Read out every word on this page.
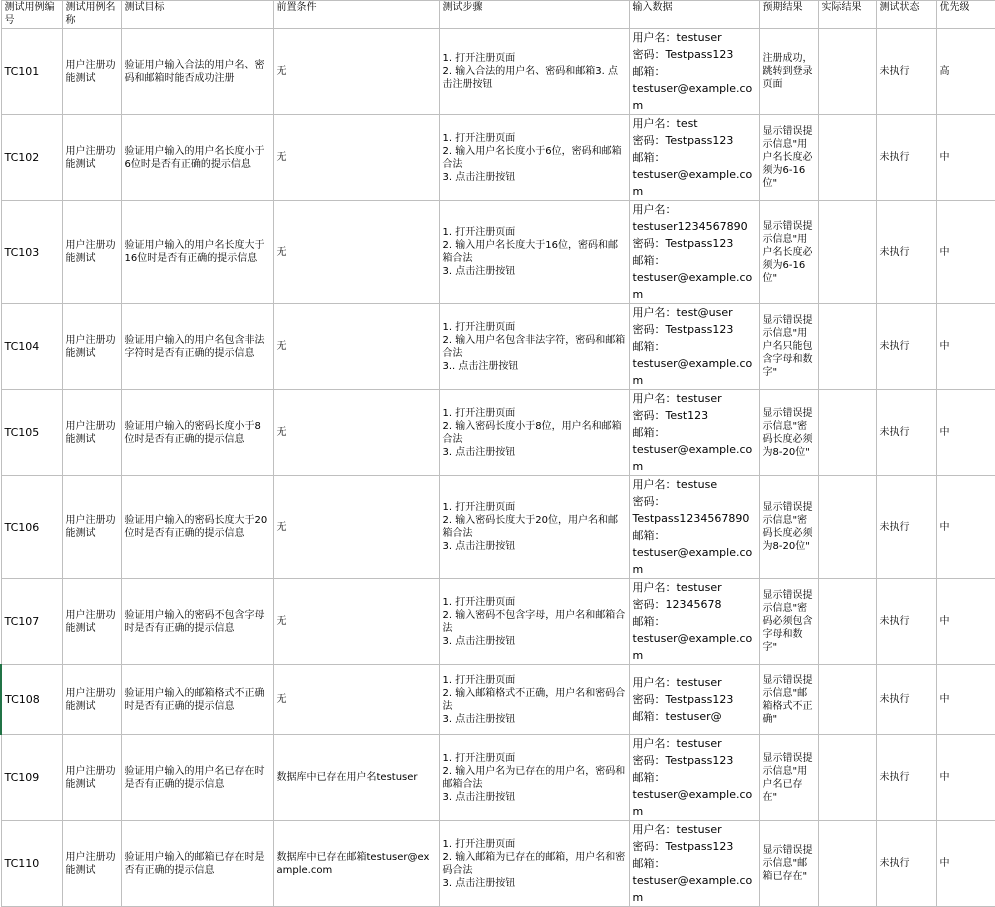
测试用例编号	测试用例名称	测试目标	前置条件	测试步骤	输入数据	预期结果	实际结果	测试状态	优先级
TC101	用户注册功能测试	验证用户输入合法的用户名、密码和邮箱时能否成功注册	无	1. 打开注册页面
2. 输入合法的用户名、密码和邮箱3. 点击注册按钮	用户名：testuser
密码：Testpass123
邮箱：
testuser@example.com	注册成功，跳转到登录页面		未执行	高
TC102	用户注册功能测试	验证用户输入的用户名长度小于6位时是否有正确的提示信息	无	1. 打开注册页面
2. 输入用户名长度小于6位，密码和邮箱合法
3. 点击注册按钮	用户名：test
密码：Testpass123
邮箱：
testuser@example.com	显示错误提示信息"用户名长度必须为6-16位"		未执行	中
TC103	用户注册功能测试	验证用户输入的用户名长度大于16位时是否有正确的提示信息	无	1. 打开注册页面
2. 输入用户名长度大于16位，密码和邮箱合法
3. 点击注册按钮	用户名：
testuser1234567890
密码：Testpass123
邮箱：
testuser@example.com	显示错误提示信息"用户名长度必须为6-16位"		未执行	中
TC104	用户注册功能测试	验证用户输入的用户名包含非法字符时是否有正确的提示信息	无	1. 打开注册页面
2. 输入用户名包含非法字符，密码和邮箱合法
3.. 点击注册按钮	用户名：test@user
密码：Testpass123
邮箱：
testuser@example.com	显示错误提示信息"用户名只能包含字母和数字"		未执行	中
TC105	用户注册功能测试	验证用户输入的密码长度小于8位时是否有正确的提示信息	无	1. 打开注册页面
2. 输入密码长度小于8位，用户名和邮箱合法
3. 点击注册按钮	用户名：testuser
密码：Test123
邮箱：
testuser@example.com	显示错误提示信息"密码长度必须为8-20位"		未执行	中
TC106	用户注册功能测试	验证用户输入的密码长度大于20位时是否有正确的提示信息	无	1. 打开注册页面
2. 输入密码长度大于20位，用户名和邮箱合法
3. 点击注册按钮	用户名：testuse
密码：
Testpass1234567890
邮箱：
testuser@example.com	显示错误提示信息"密码长度必须为8-20位"		未执行	中
TC107	用户注册功能测试	验证用户输入的密码不包含字母时是否有正确的提示信息	无	1. 打开注册页面
2. 输入密码不包含字母，用户名和邮箱合法
3. 点击注册按钮	用户名：testuser
密码：12345678
邮箱：
testuser@example.com	显示错误提示信息"密码必须包含字母和数字"		未执行	中
TC108	用户注册功能测试	验证用户输入的邮箱格式不正确时是否有正确的提示信息	无	1. 打开注册页面
2. 输入邮箱格式不正确，用户名和密码合法
3. 点击注册按钮	用户名：testuser
密码：Testpass123
邮箱：testuser@	显示错误提示信息"邮箱格式不正确"		未执行	中
TC109	用户注册功能测试	验证用户输入的用户名已存在时是否有正确的提示信息	数据库中已存在用户名testuser	1. 打开注册页面
2. 输入用户名为已存在的用户名，密码和邮箱合法
3. 点击注册按钮	用户名：testuser
密码：Testpass123
邮箱：
testuser@example.com	显示错误提示信息"用户名已存在"		未执行	中
TC110	用户注册功能测试	验证用户输入的邮箱已存在时是否有正确的提示信息	数据库中已存在邮箱testuser@example.com	1. 打开注册页面
2. 输入邮箱为已存在的邮箱，用户名和密码合法
3. 点击注册按钮	用户名：testuser
密码：Testpass123
邮箱：
testuser@example.com	显示错误提示信息"邮箱已存在"		未执行	中
